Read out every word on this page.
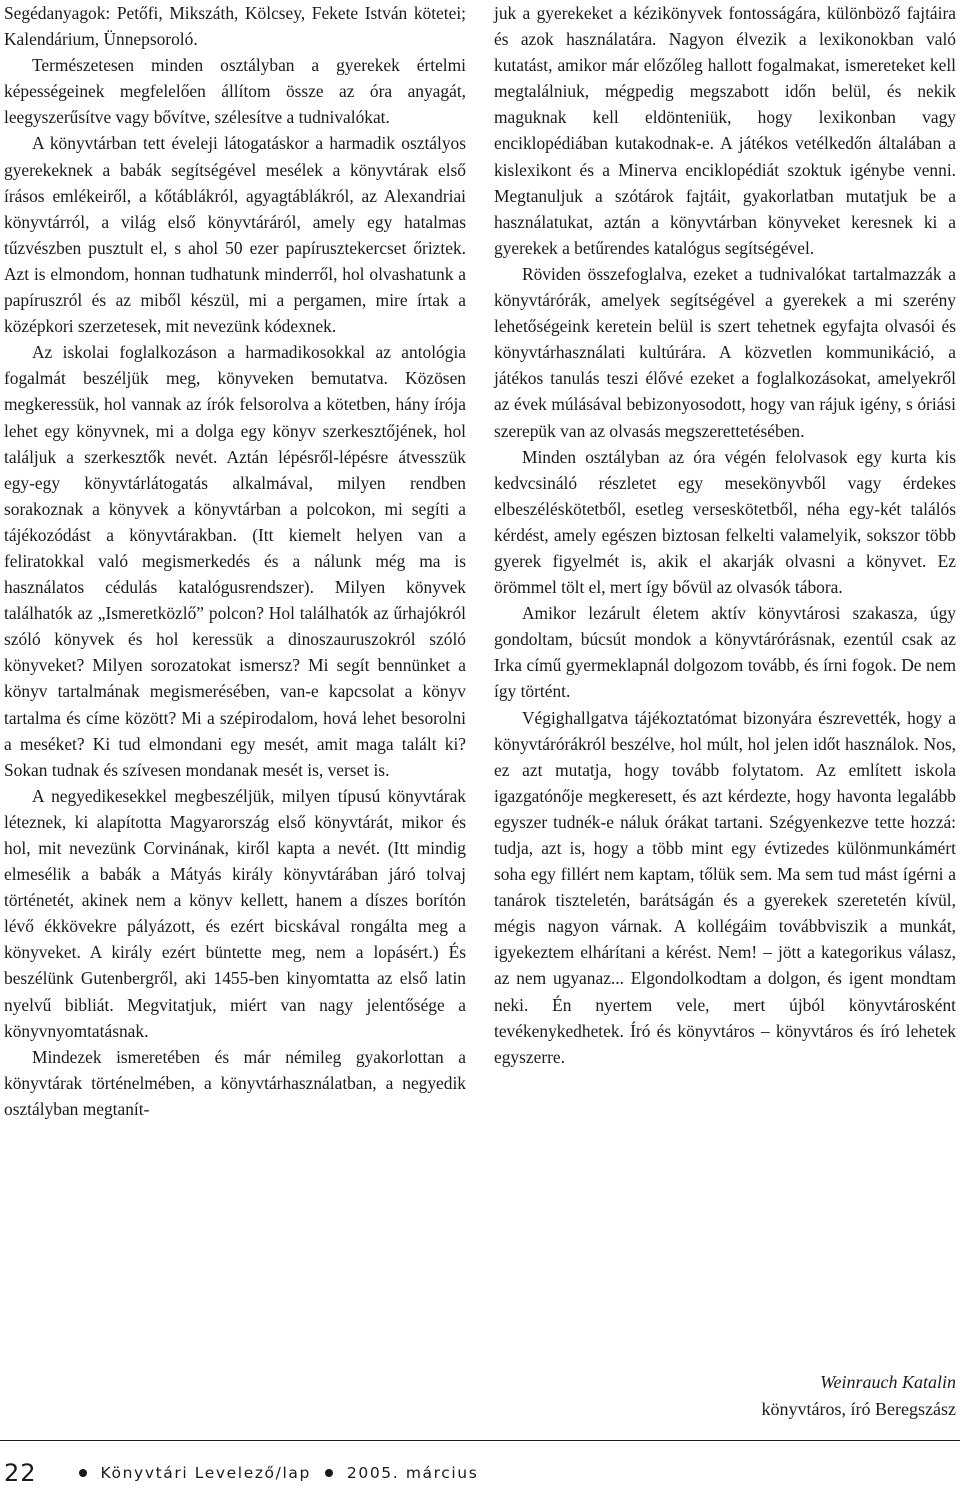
Segédanyagok: Petőfi, Mikszáth, Kölcsey, Fekete István kötetei; Kalendárium, Ünnepsoroló.

Természetesen minden osztályban a gyerekek értelmi képességeinek megfelelően állítom össze az óra anyagát, leegyszerűsítve vagy bővítve, szélesítve a tudnivalókat.

A könyvtárban tett éveleji látogatáskor a harmadik osztályos gyerekeknek a babák segítségével mesélek a könyvtárak első írásos emlékeiről, a kőtáblákról, agyagtáblákról, az Alexandriai könyvtárról, a világ első könyvtáráról, amely egy hatalmas tűzvészben pusztult el, s ahol 50 ezer papírusztekercset őriztek. Azt is elmondom, honnan tudhatunk minderről, hol olvashatunk a papíruszról és az miből készül, mi a pergamen, mire írtak a középkori szerzetesek, mit nevezünk kódexnek.

Az iskolai foglalkozáson a harmadikosokkal az antológia fogalmát beszéljük meg, könyveken bemutatva. Közösen megkeressük, hol vannak az írók felsorolva a kötetben, hány írója lehet egy könyvnek, mi a dolga egy könyv szerkesztőjének, hol találjuk a szerkesztők nevét. Aztán lépésről-lépésre átvesszük egy-egy könyvtárlátogatás alkalmával, milyen rendben sorakoznak a könyvek a könyvtárban a polcokon, mi segíti a tájékozódást a könyvtárakban. (Itt kiemelt helyen van a feliratokkal való megismerkedés és a nálunk még ma is használatos cédulás katalógusrendszer). Milyen könyvek találhatók az „Ismeretközlő” polcon? Hol találhatók az űrhajókról szóló könyvek és hol keressük a dinoszauruszokról szóló könyveket? Milyen sorozatokat ismersz? Mi segít bennünket a könyv tartalmának megismerésében, van-e kapcsolat a könyv tartalma és címe között? Mi a szépirodalom, hová lehet besorolni a meséket? Ki tud elmondani egy mesét, amit maga talált ki? Sokan tudnak és szívesen mondanak mesét is, verset is.

A negyedikesekkel megbeszéljük, milyen típusú könyvtárak léteznek, ki alapította Magyarország első könyvtárát, mikor és hol, mit nevezünk Corvinának, kiről kapta a nevét. (Itt mindig elmesélik a babák a Mátyás király könyvtárában járó tolvaj történetét, akinek nem a könyv kellett, hanem a díszes borítón lévő ékkövekre pályázott, és ezért bicskával rongálta meg a könyveket. A király ezért büntette meg, nem a lopásért.) És beszélünk Gutenbergről, aki 1455-ben kinyomtatta az első latin nyelvű bibliát. Megvitatjuk, miért van nagy jelentősége a könyvnyomtatásnak.

Mindezek ismeretében és már némileg gyakorlottan a könyvtárak történelmében, a könyvtárhasználatban, a negyedik osztályban megtanít-

juk a gyerekeket a kézikönyvek fontosságára, különböző fajtáira és azok használatára. Nagyon élvezik a lexikonokban való kutatást, amikor már előzőleg hallott fogalmakat, ismereteket kell megtalálniuk, mégpedig megszabott időn belül, és nekik maguknak kell eldönteniük, hogy lexikonban vagy enciklopédiában kutakodnak-e. A játékos vetélkedőn általában a kislexikont és a Minerva enciklopédiát szoktuk igénybe venni. Megtanuljuk a szótárok fajtáit, gyakorlatban mutatjuk be a használatukat, aztán a könyvtárban könyveket keresnek ki a gyerekek a betűrendes katalógus segítségével.

Röviden összefoglalva, ezeket a tudnivalókat tartalmazzák a könyvtárórák, amelyek segítségével a gyerekek a mi szerény lehetőségeink keretein belül is szert tehetnek egyfajta olvasói és könyvtárhasználati kultúrára. A közvetlen kommunikáció, a játékos tanulás teszi élővé ezeket a foglalkozásokat, amelyekről az évek múlásával bebizonyosodott, hogy van rájuk igény, s óriási szerepük van az olvasás megszerettetésében.

Minden osztályban az óra végén felolvasok egy kurta kis kedvcsináló részletet egy mesekönyvből vagy érdekes elbeszéléskötetből, esetleg verseskötetből, néha egy-két találós kérdést, amely egészen biztosan felkelti valamelyik, sokszor több gyerek figyelmét is, akik el akarják olvasni a könyvet. Ez örömmel tölt el, mert így bővül az olvasók tábora.

Amikor lezárult életem aktív könyvtárosi szakasza, úgy gondoltam, búcsút mondok a könyvtárórásnak, ezentúl csak az Irka című gyermeklapnál dolgozom tovább, és írni fogok. De nem így történt.

Végighallgatva tájékoztatómat bizonyára észrevették, hogy a könyvtárórákról beszélve, hol múlt, hol jelen időt használok. Nos, ez azt mutatja, hogy tovább folytatom. Az említett iskola igazgatónője megkeresett, és azt kérdezte, hogy havonta legalább egyszer tudnék-e náluk órákat tartani. Szégyenkezve tette hozzá: tudja, azt is, hogy a több mint egy évtizedes különmunkámért soha egy fillért nem kaptam, tőlük sem. Ma sem tud mást ígérni a tanárok tiszteletén, barátságán és a gyerekek szeretetén kívül, mégis nagyon várnak. A kollégáim továbbviszik a munkát, igyekeztem elhárítani a kérést. Nem! – jött a kategorikus válasz, az nem ugyanaz... Elgondolkodtam a dolgon, és igent mondtam neki. Én nyertem vele, mert újból könyvtárosként tevékenykedhetek. Író és könyvtáros – könyvtáros és író lehetek egyszerre.

Weinrauch Katalin
könyvtáros, író Beregszász
22	Könyvtári Levelező/lap 2005. március
